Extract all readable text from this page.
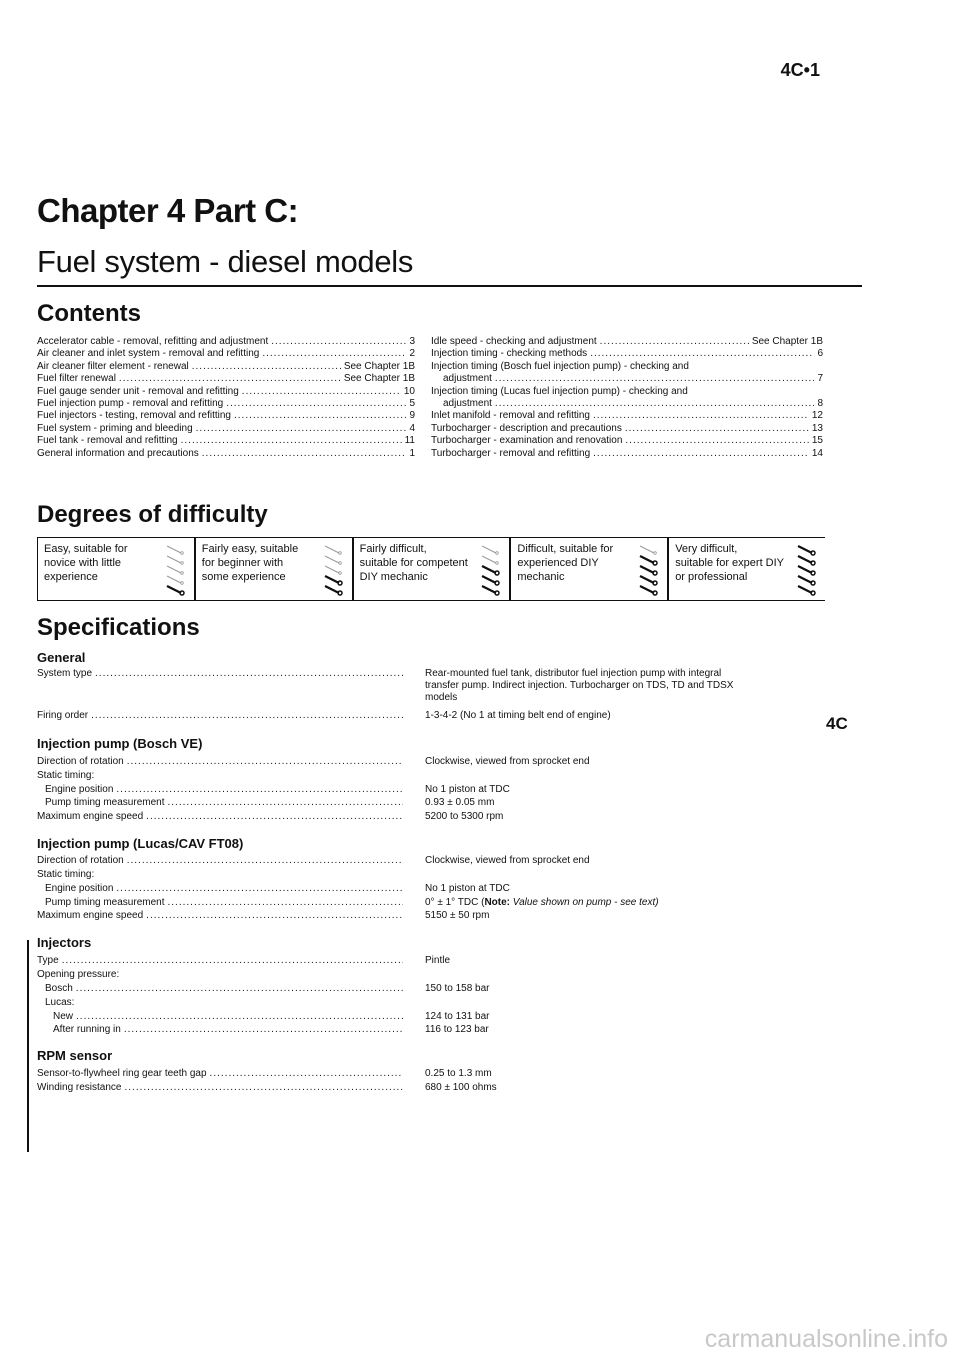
4C•1
Chapter 4 Part C:
Fuel system - diesel models
Contents
Accelerator cable - removal, refitting and adjustment .....	3
Air cleaner and inlet system - removal and refitting .....	2
Air cleaner filter element - renewal .....	See Chapter 1B
Fuel filter renewal .....	See Chapter 1B
Fuel gauge sender unit - removal and refitting .....	10
Fuel injection pump - removal and refitting .....	5
Fuel injectors - testing, removal and refitting .....	9
Fuel system - priming and bleeding .....	4
Fuel tank - removal and refitting .....	11
General information and precautions .....	1
Idle speed - checking and adjustment .....	See Chapter 1B
Injection timing - checking methods .....	6
Injection timing (Bosch fuel injection pump) - checking and
adjustment .....	7
Injection timing (Lucas fuel injection pump) - checking and
adjustment .....	8
Inlet manifold - removal and refitting .....	12
Turbocharger - description and precautions .....	13
Turbocharger - examination and renovation .....	15
Turbocharger - removal and refitting .....	14
Degrees of difficulty
Easy, suitable for
novice with little
experience
Fairly easy, suitable
for beginner with
some experience
Fairly difficult,
suitable for competent
DIY mechanic
Difficult, suitable for
experienced DIY
mechanic
Very difficult,
suitable for expert DIY
or professional
Specifications
4C
General
System type .....	Rear-mounted fuel tank, distributor fuel injection pump with integral
transfer pump. Indirect injection. Turbocharger on TDS, TD and TDSX
models
Firing order .....	1-3-4-2 (No 1 at timing belt end of engine)
Injection pump (Bosch VE)
Direction of rotation .....	Clockwise, viewed from sprocket end
Static timing:
Engine position .....	No 1 piston at TDC
Pump timing measurement .....	0.93 ± 0.05 mm
Maximum engine speed .....	5200 to 5300 rpm
Injection pump (Lucas/CAV FT08)
Direction of rotation .....	Clockwise, viewed from sprocket end
Static timing:
Engine position .....	No 1 piston at TDC
Pump timing measurement .....	0° ± 1° TDC (Note: Value shown on pump - see text)
Maximum engine speed .....	5150 ± 50 rpm
Injectors
Type .....	Pintle
Opening pressure:
Bosch .....	150 to 158 bar
Lucas:
New .....	124 to 131 bar
After running in .....	116 to 123 bar
RPM sensor
Sensor-to-flywheel ring gear teeth gap .....	0.25 to 1.3 mm
Winding resistance .....	680 ± 100 ohms
carmanualsonline.info
